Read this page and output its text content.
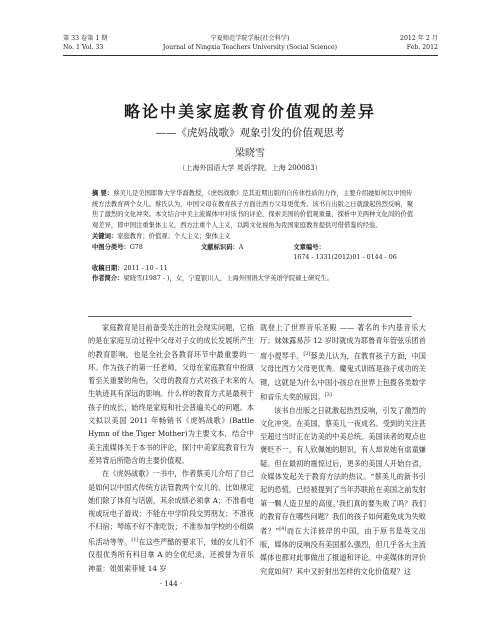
第 33 卷第 1 期
No. 1 Vol. 33
宁夏师范学院学报(社会科学)
Journal of Ningxia Teachers University (Social Science)
2012 年 2 月
Feb. 2012
略论中美家庭教育价值观的差异
——《虎妈战歌》观象引发的价值观思考
梁晓雪
（上海外国语大学 英语学院，上海 200083）
摘 要：蔡美儿是美国耶鲁大学华裔教授，《虎妈战歌》是其近期出版的自传体性质的力作，主要介绍她如何以中国传统方法教育两个女儿。蔡氏认为，中国父母在教育孩子方面比西方父母更优秀。该书自出版之日就激起热烈反响，聚焦了激烈的文化冲突。本文结合中美主流媒体中对该书的评论，探索美国的价值观重量，探析中美两种文化间的价值观差异，即中国注重集体主义，西方注重个人主义，以跨文化视角为我国家庭教育提供可借借鉴的经验。
关键词：家庭教育；价值观；个人主义；集体主义
中图分类号：G78	文献标识码：A	文章编号：1674 - 1331(2012)01 - 0144 - 06
收稿日期：2011 - 10 - 11
作者简介：梁晓雪(1987 - )，女，宁夏银川人，上海外国语大学英语学院硕士研究生。

家庭教育是目前备受关注的社会现实问题，它指的是在家庭互动过程中父母对子女的成长发展所产生的教育影响，也是全社会各教育环节中最重要的一环。作为孩子的第一任老师，父母在家庭教育中扮演着至关重要的角色，父母的教育方式对孩子未来的人生轨迹具有深远的影响。什么样的教育方式是最利于孩子的成长，始终是家庭和社会普遍关心的问题。本文拟以美国 2011 年畅销书《虎妈战歌》(Battle Hymn of the Tiger Mother)为主要文本，结合中美主流媒体关于本书的评论，探讨中美家庭教育行为差异背后所隐含的主要价值观。

在《虎妈战歌》一书中，作者蔡美儿介绍了自己是如何以中国式传统方法管教两个女儿的。比如规定她们除了体育与话剧，其余成绩必须拿 A；不准看电视或玩电子游戏；不能在中学阶段交男朋友；不准夜不归宿；琴练不好不准吃饭；不准参加学校的小组娱乐活动等等。[1]在这些严酷的要求下，她的女儿们不仅很优秀所有科目拿 A 的全优纪录，还被誉为音乐神童：姐姐索菲娅 14 岁

就登上了世界音乐圣殿 —— 著名的卡内基音乐大厅；妹妹露易莎 12 岁时就成为耶鲁青年管弦乐团首席小提琴手。[2]蔡美儿认为，在教育孩子方面，中国父母比西方父母更优秀。魔鬼式训练是孩子成功的关键，这就是为什么中国小孩总在世界上包揽各类数学和音乐大奖的原因。[3]

该书自出版之日就激起热烈反响，引发了激烈的文化冲突。在美国，蔡美儿一夜成名。受到的关注甚至超过当时正在访美的中美总统。美国读者的观点也褒贬不一，有人钦佩她的胆识，有人却说她有虐童嫌疑。但在最初的震惊过后，更多的美国人开始自省，众媒体发起关于教育方法的热议。“蔡美儿的新书引起的恐慌，已经被提到了当年苏联抢在美国之前发射第一颗人造卫星的高度。’我们真的要失败了吗？我们的教育存在哪些问题？我们的孩子如何避免成为失败者？”[4]而在大洋彼岸的中国，由于原书是英文出版，媒体的反响没有美国那么强烈，但几乎各大主流媒体也都对此事做出了报道和评论。中美媒体的评价究竟如何？其中又折射出怎样的文化价值观？这

· 144 ·
